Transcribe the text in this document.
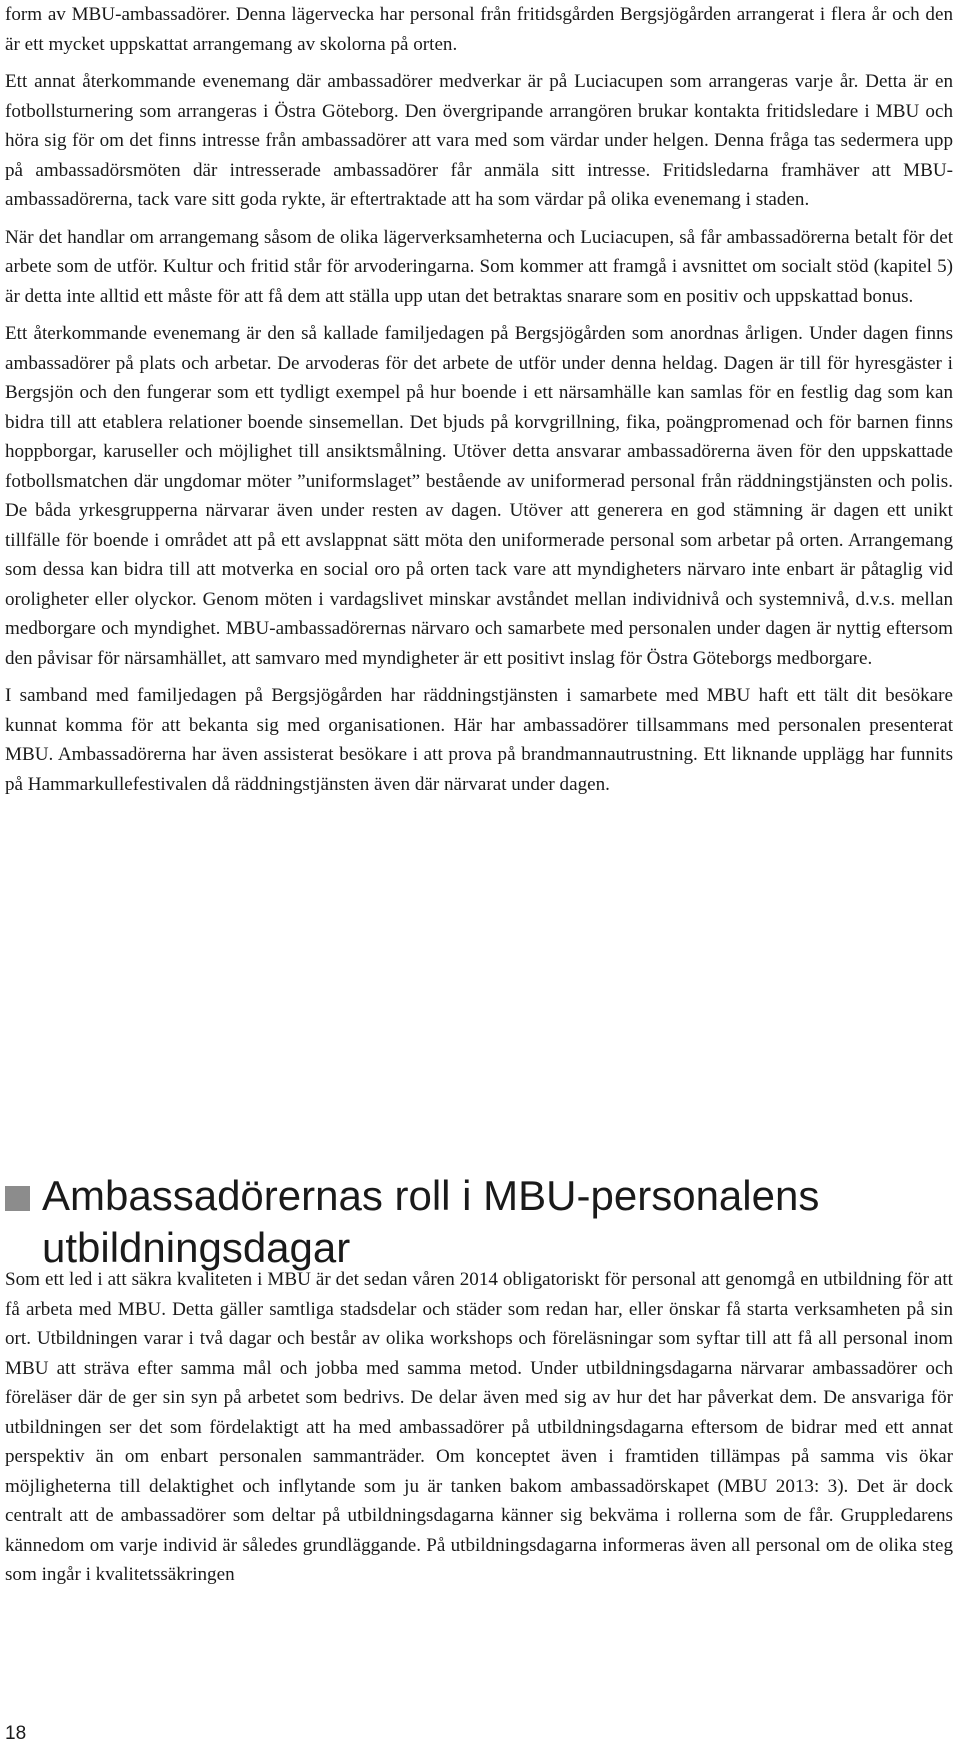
form av MBU-ambassadörer. Denna lägervecka har personal från fritidsgården Bergsjögården arrangerat i flera år och den är ett mycket uppskattat arrangemang av skolorna på orten.

Ett annat återkommande evenemang där ambassadörer medverkar är på Luciacupen som arrangeras varje år. Detta är en fotbollsturnering som arrangeras i Östra Göteborg. Den övergripande arrangören brukar kontakta fritidsledare i MBU och höra sig för om det finns intresse från ambassadörer att vara med som värdar under helgen. Denna fråga tas sedermera upp på ambassadörsmöten där intresserade ambassadörer får anmäla sitt intresse. Fritidsledarna framhäver att MBU-ambassadörerna, tack vare sitt goda rykte, är eftertraktade att ha som värdar på olika evenemang i staden.

När det handlar om arrangemang såsom de olika lägerverksamheterna och Luciacupen, så får ambassadörerna betalt för det arbete som de utför. Kultur och fritid står för arvoderingarna. Som kommer att framgå i avsnittet om socialt stöd (kapitel 5) är detta inte alltid ett måste för att få dem att ställa upp utan det betraktas snarare som en positiv och uppskattad bonus.

Ett återkommande evenemang är den så kallade familjedagen på Bergsjögården som anordnas årligen. Under dagen finns ambassadörer på plats och arbetar. De arvoderas för det arbete de utför under denna heldag. Dagen är till för hyresgäster i Bergsjön och den fungerar som ett tydligt exempel på hur boende i ett närsamhälle kan samlas för en festlig dag som kan bidra till att etablera relationer boende sinsemellan. Det bjuds på korvgrillning, fika, poängpromenad och för barnen finns hoppborgar, karuseller och möjlighet till ansiktsmålning. Utöver detta ansvarar ambassadörerna även för den uppskattade fotbollsmatchen där ungdomar möter ”uniformslaget” bestående av uniformerad personal från räddningstjänsten och polis. De båda yrkesgrupperna närvarar även under resten av dagen. Utöver att generera en god stämning är dagen ett unikt tillfälle för boende i området att på ett avslappnat sätt möta den uniformerade personal som arbetar på orten. Arrangemang som dessa kan bidra till att motverka en social oro på orten tack vare att myndigheters närvaro inte enbart är påtaglig vid oroligheter eller olyckor. Genom möten i vardagslivet minskar avståndet mellan individnivå och systemnivå, d.v.s. mellan medborgare och myndighet. MBU-ambassadörernas närvaro och samarbete med personalen under dagen är nyttig eftersom den påvisar för närsamhället, att samvaro med myndigheter är ett positivt inslag för Östra Göteborgs medborgare.

I samband med familjedagen på Bergsjögården har räddningstjänsten i samarbete med MBU haft ett tält dit besökare kunnat komma för att bekanta sig med organisationen. Här har ambassadörer tillsammans med personalen presenterat MBU. Ambassadörerna har även assisterat besökare i att prova på brandmannautrustning. Ett liknande upplägg har funnits på Hammarkullefestivalen då räddningstjänsten även där närvarat under dagen.

Ambassadörernas roll i MBU-personalens utbildningsdagar

Som ett led i att säkra kvaliteten i MBU är det sedan våren 2014 obligatoriskt för personal att genomgå en utbildning för att få arbeta med MBU. Detta gäller samtliga stadsdelar och städer som redan har, eller önskar få starta verksamheten på sin ort. Utbildningen varar i två dagar och består av olika workshops och föreläsningar som syftar till att få all personal inom MBU att sträva efter samma mål och jobba med samma metod. Under utbildningsdagarna närvarar ambassadörer och föreläser där de ger sin syn på arbetet som bedrivs. De delar även med sig av hur det har påverkat dem. De ansvariga för utbildningen ser det som fördelaktigt att ha med ambassadörer på utbildningsdagarna eftersom de bidrar med ett annat perspektiv än om enbart personalen sammanträder. Om konceptet även i framtiden tillämpas på samma vis ökar möjligheterna till delaktighet och inflytande som ju är tanken bakom ambassadörskapet (MBU 2013: 3). Det är dock centralt att de ambassadörer som deltar på utbildningsdagarna känner sig bekväma i rollerna som de får. Gruppledarens kännedom om varje individ är således grundläggande. På utbildningsdagarna informeras även all personal om de olika steg som ingår i kvalitetssäkringen

18
